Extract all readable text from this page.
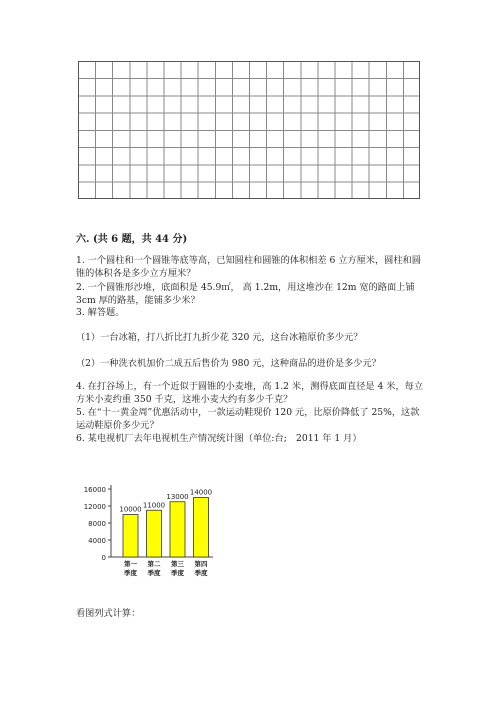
六. (共 6 题，共 44 分)

1. 一个圆柱和一个圆锥等底等高，已知圆柱和圆锥的体积相差 6 立方厘米，圆柱和圆锥的体积各是多少立方厘米？

2. 一个圆锥形沙堆，底面积是 45.9㎡， 高 1.2m，用这堆沙在 12m 宽的路面上铺 3cm 厚的路基，能铺多少米？

3. 解答题。

（1）一台冰箱，打八折比打九折少花 320 元，这台冰箱原价多少元？

（2）一种洗衣机加价二成五后售价为 980 元，这种商品的进价是多少元？

4. 在打谷场上，有一个近似于圆锥的小麦堆，高 1.2 米，测得底面直径是 4 米，每立方米小麦约重 350 千克，这堆小麦大约有多少千克？

5. 在“十一黄金周”优惠活动中，一款运动鞋现价 120 元，比原价降低了 25%，这款运动鞋原价多少元？

6. 某电视机厂去年电视机生产情况统计图（单位:台;　2011 年 1 月）

0
4000
8000
12000
16000
10000
第一
季度
11000
第二
季度
13000
第三
季度
14000
第四
季度
看图列式计算：
